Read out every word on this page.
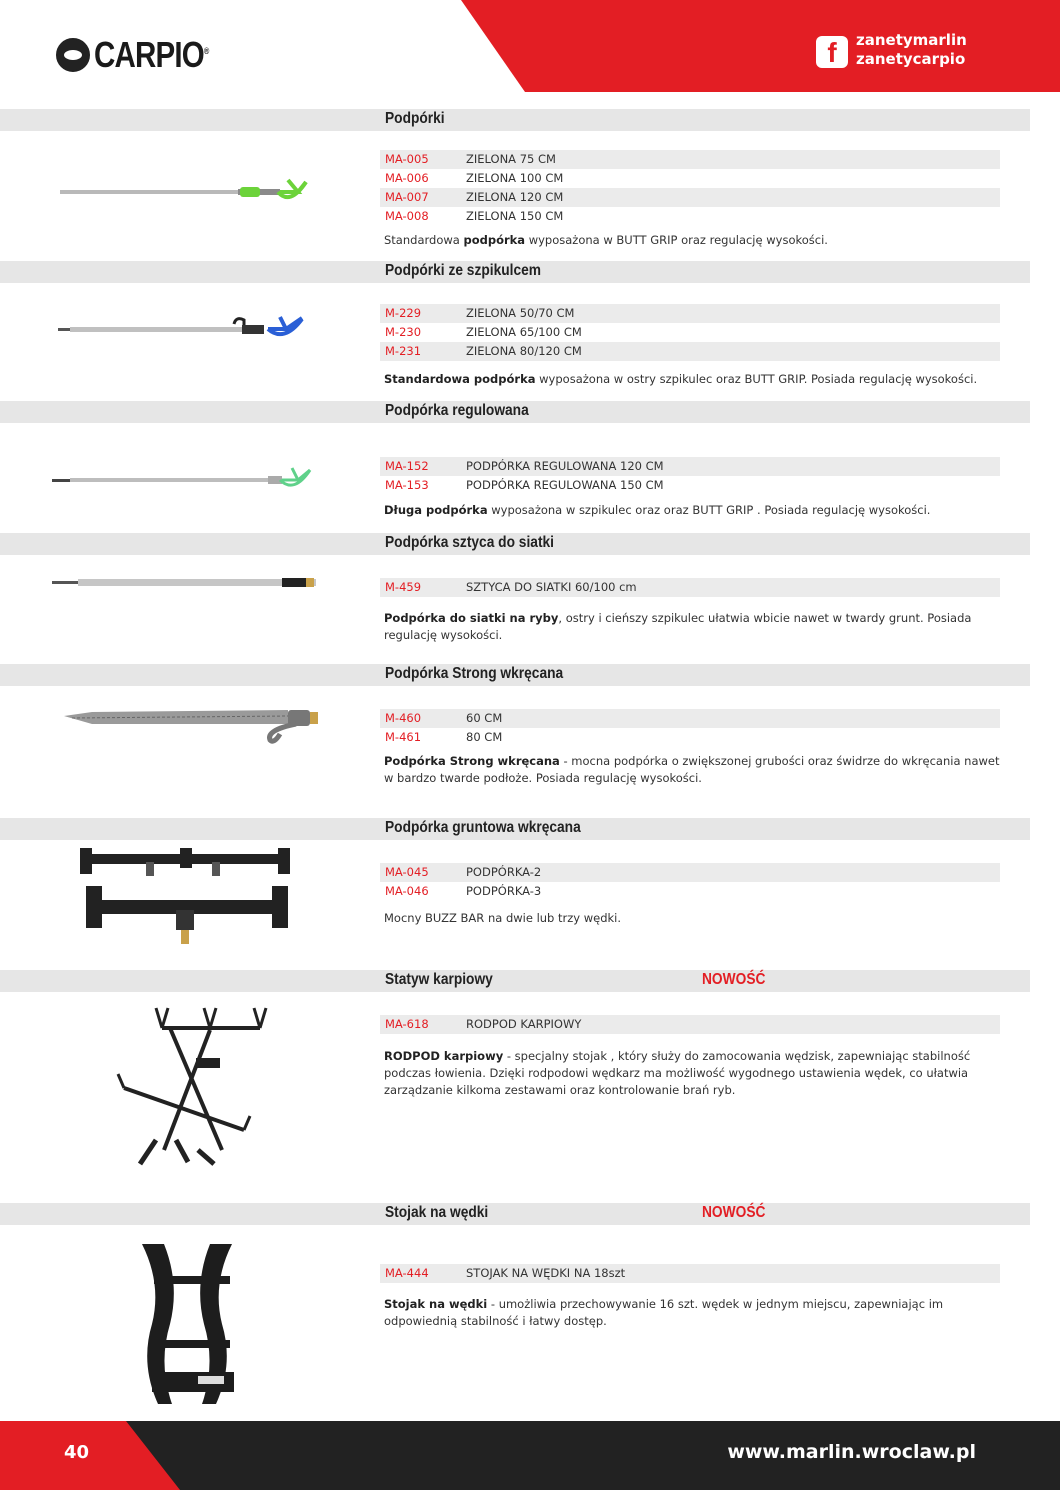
CARPIO®	f	zanetymarlin
zanetycarpio
Podpórki
MA-005	ZIELONA 75 CM
MA-006	ZIELONA 100 CM
MA-007	ZIELONA 120 CM
MA-008	ZIELONA 150 CM
Standardowa podpórka wyposażona w BUTT GRIP oraz regulację wysokości.
Podpórki ze szpikulcem
M-229	ZIELONA 50/70 CM
M-230	ZIELONA 65/100 CM
M-231	ZIELONA 80/120 CM
Standardowa podpórka wyposażona w ostry szpikulec oraz BUTT GRIP. Posiada regulację wysokości.
Podpórka regulowana
MA-152	PODPÓRKA REGULOWANA 120 CM
MA-153	PODPÓRKA REGULOWANA 150 CM
Długa podpórka wyposażona w szpikulec oraz oraz BUTT GRIP . Posiada regulację wysokości.
Podpórka sztyca do siatki
M-459	SZTYCA DO SIATKI 60/100 cm
Podpórka do siatki na ryby, ostry i cieńszy szpikulec ułatwia wbicie nawet w twardy grunt. Posiada regulację wysokości.
Podpórka Strong wkręcana
M-460	60 CM
M-461	80 CM
Podpórka Strong wkręcana - mocna podpórka o zwiększonej grubości oraz świdrze do wkręcania nawet w bardzo twarde podłoże. Posiada regulację wysokości.
Podpórka gruntowa wkręcana
MA-045	PODPÓRKA-2
MA-046	PODPÓRKA-3
Mocny BUZZ BAR na dwie lub trzy wędki.
Statyw karpiowy	NOWOŚĆ
MA-618	RODPOD KARPIOWY
RODPOD karpiowy - specjalny stojak , który służy do zamocowania wędzisk, zapewniając stabilność podczas łowienia. Dzięki rodpodowi wędkarz ma możliwość wygodnego ustawienia wędek, co ułatwia zarządzanie kilkoma zestawami oraz kontrolowanie brań ryb.
Stojak na wędki	NOWOŚĆ
MA-444	STOJAK NA WĘDKI NA 18szt
Stojak na wędki - umożliwia przechowywanie 16 szt. wędek w jednym miejscu, zapewniając im odpowiednią stabilność i łatwy dostęp.
40	www.marlin.wroclaw.pl
